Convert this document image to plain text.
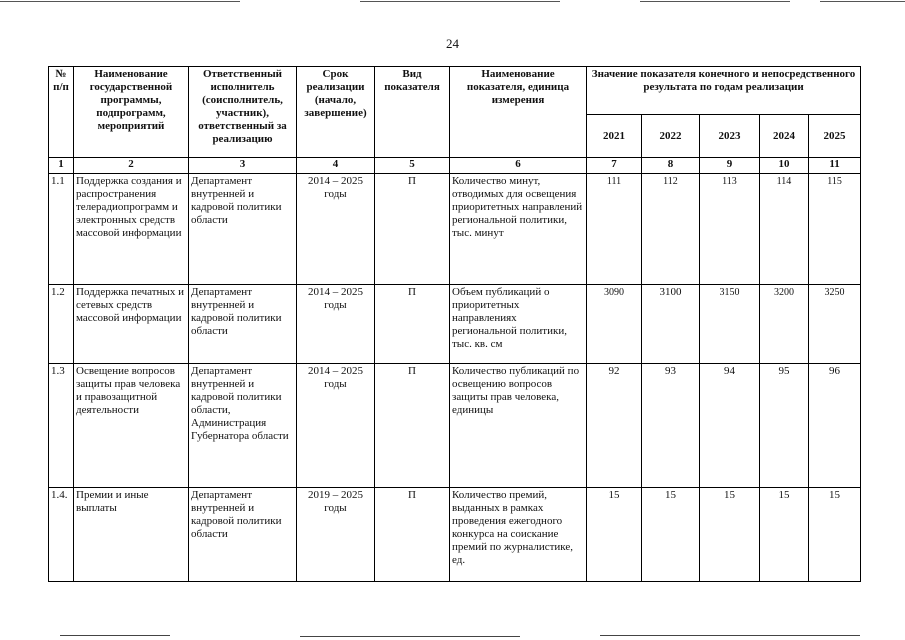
24
№ п/п	Наименование государственной программы, подпрограмм, мероприятий	Ответственный исполнитель (соисполнитель, участник), ответственный за реализацию	Срок реализации (начало, завершение)	Вид показателя	Наименование показателя, единица измерения	Значение показателя конечного и непосредственного результата по годам реализации				
						2021	2022	2023	2024	2025
1	2	3	4	5	6	7	8	9	10	11
1.1	Поддержка создания и распространения телерадиопрограмм и электронных средств массовой информации	Департамент внутренней и кадровой политики области	2014 – 2025 годы	П	Количество минут, отводимых для освещения приоритетных направлений региональной политики, тыс. минут	111	112	113	114	115
1.2	Поддержка печатных и сетевых средств массовой информации	Департамент внутренней и кадровой политики области	2014 – 2025 годы	П	Объем публикаций о приоритетных направлениях региональной политики, тыс. кв. см	3090	3100	3150	3200	3250
1.3	Освещение вопросов защиты прав человека и правозащитной деятельности	Департамент внутренней и кадровой политики области, Администрация Губернатора области	2014 – 2025 годы	П	Количество публикаций по освещению вопросов защиты прав человека, единицы	92	93	94	95	96
1.4.	Премии и иные выплаты	Департамент внутренней и кадровой политики области	2019 – 2025 годы	П	Количество премий, выданных в рамках проведения ежегодного конкурса на соискание премий по журналистике, ед.	15	15	15	15	15
